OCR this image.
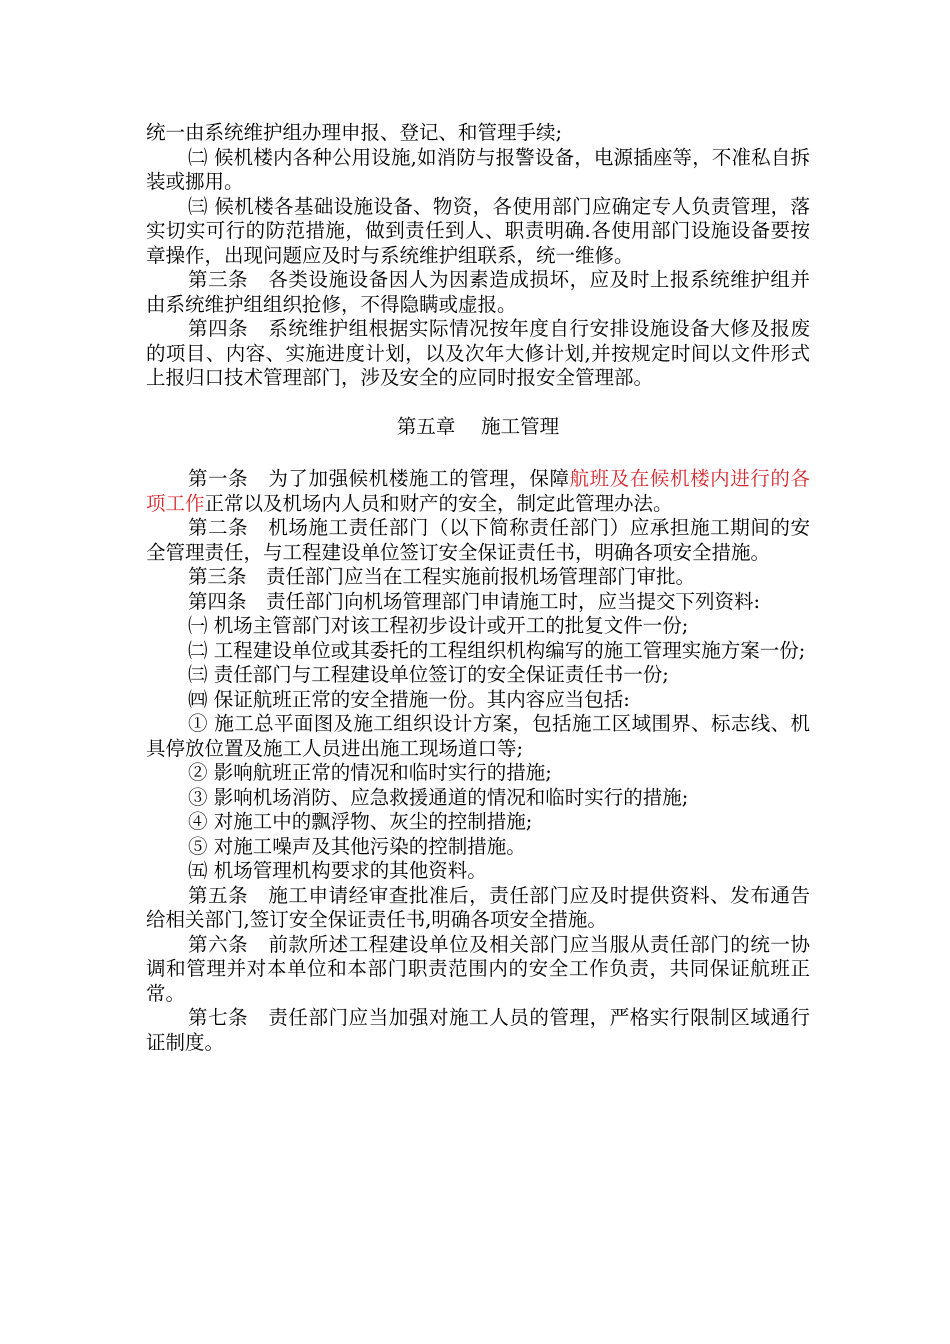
统一由系统维护组办理申报、登记、和管理手续;

㈡ 候机楼内各种公用设施,如消防与报警设备，电源插座等，不准私自拆装或挪用。

㈢ 候机楼各基础设施设备、物资，各使用部门应确定专人负责管理，落实切实可行的防范措施，做到责任到人、职责明确.各使用部门设施设备要按章操作，出现问题应及时与系统维护组联系，统一维修。

第三条　各类设施设备因人为因素造成损坏，应及时上报系统维护组并由系统维护组组织抢修，不得隐瞒或虚报。

第四条　系统维护组根据实际情况按年度自行安排设施设备大修及报废的项目、内容、实施进度计划，以及次年大修计划,并按规定时间以文件形式上报归口技术管理部门，涉及安全的应同时报安全管理部。

第五章　 施工管理

第一条　为了加强候机楼施工的管理，保障航班及在候机楼内进行的各项工作正常以及机场内人员和财产的安全，制定此管理办法。

第二条　机场施工责任部门（以下简称责任部门）应承担施工期间的安全管理责任，与工程建设单位签订安全保证责任书，明确各项安全措施。

第三条　责任部门应当在工程实施前报机场管理部门审批。

第四条　责任部门向机场管理部门申请施工时，应当提交下列资料:

㈠ 机场主管部门对该工程初步设计或开工的批复文件一份;

㈡ 工程建设单位或其委托的工程组织机构编写的施工管理实施方案一份;

㈢ 责任部门与工程建设单位签订的安全保证责任书一份;

㈣ 保证航班正常的安全措施一份。其内容应当包括:

① 施工总平面图及施工组织设计方案，包括施工区域围界、标志线、机具停放位置及施工人员进出施工现场道口等;

② 影响航班正常的情况和临时实行的措施;

③ 影响机场消防、应急救援通道的情况和临时实行的措施;

④ 对施工中的飘浮物、灰尘的控制措施;

⑤ 对施工噪声及其他污染的控制措施。

㈤ 机场管理机构要求的其他资料。

第五条　施工申请经审查批准后，责任部门应及时提供资料、发布通告给相关部门,签订安全保证责任书,明确各项安全措施。

第六条　前款所述工程建设单位及相关部门应当服从责任部门的统一协调和管理并对本单位和本部门职责范围内的安全工作负责，共同保证航班正常。

第七条　责任部门应当加强对施工人员的管理，严格实行限制区域通行证制度。
